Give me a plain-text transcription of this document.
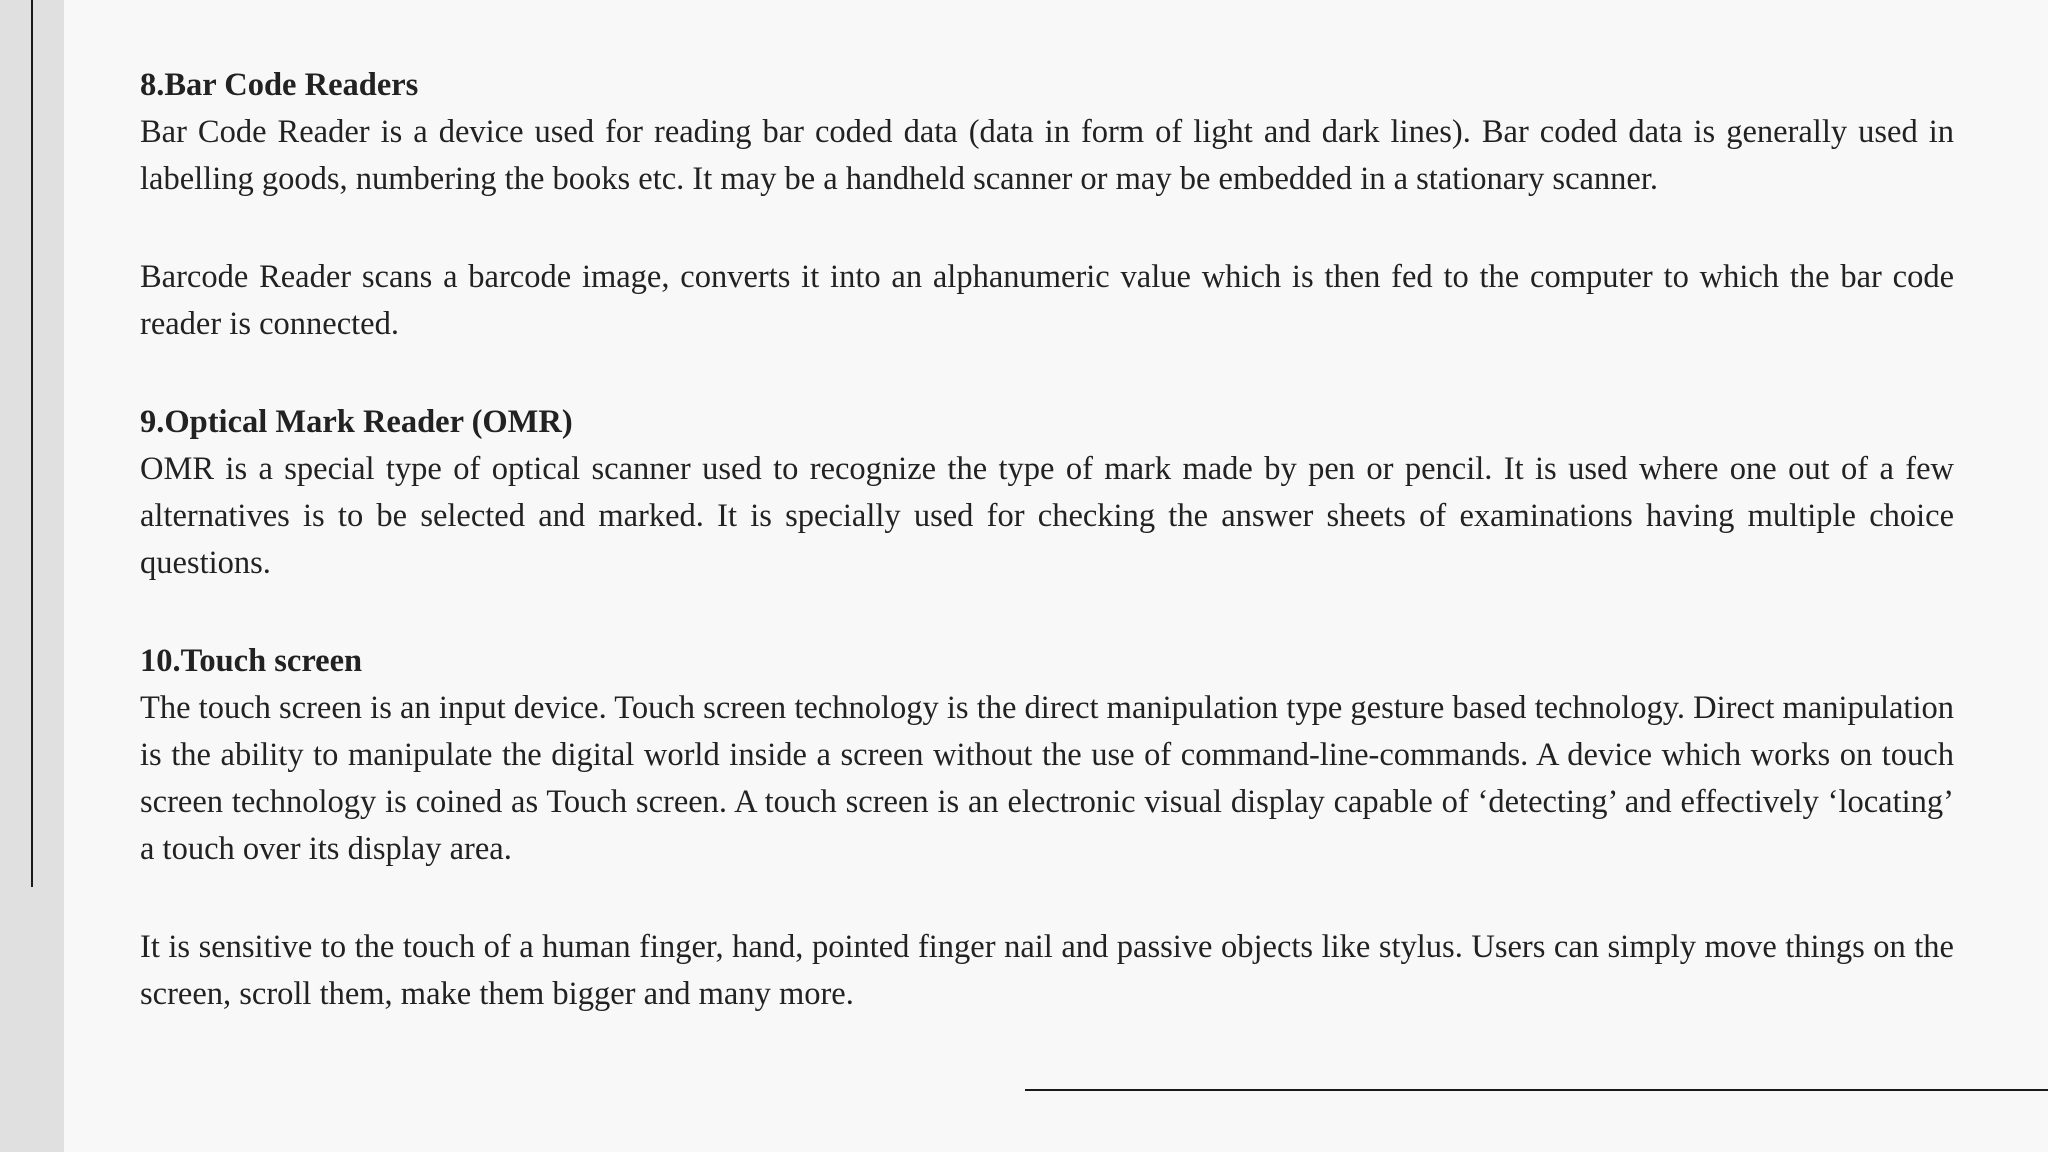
8.Bar Code Readers

Bar Code Reader is a device used for reading bar coded data (data in form of light and dark lines). Bar coded data is generally used in labelling goods, numbering the books etc. It may be a handheld scanner or may be embedded in a stationary scanner.

Barcode Reader scans a barcode image, converts it into an alphanumeric value which is then fed to the computer to which the bar code reader is connected.

9.Optical Mark Reader (OMR)

OMR is a special type of optical scanner used to recognize the type of mark made by pen or pencil. It is used where one out of a few alternatives is to be selected and marked. It is specially used for checking the answer sheets of examinations having multiple choice questions.

10.Touch screen

The touch screen is an input device. Touch screen technology is the direct manipulation type gesture based technology. Direct manipulation is the ability to manipulate the digital world inside a screen without the use of command-line-commands. A device which works on touch screen technology is coined as Touch screen. A touch screen is an electronic visual display capable of ‘detecting’ and effectively ‘locating’ a touch over its display area.

It is sensitive to the touch of a human finger, hand, pointed finger nail and passive objects like stylus. Users can simply move things on the screen, scroll them, make them bigger and many more.
